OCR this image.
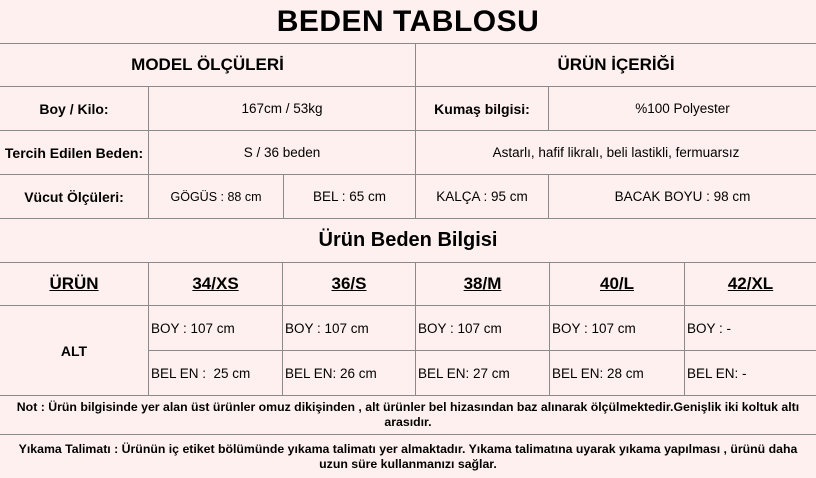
BEDEN TABLOSU
MODEL ÖLÇÜLERİ	ÜRÜN İÇERİĞİ
Boy / Kilo:	167cm / 53kg	Kumaş bilgisi:	%100 Polyester
Tercih Edilen Beden:	S / 36 beden	Astarlı, hafif likralı, beli lastikli, fermuarsız
Vücut Ölçüleri:	GÖGÜS : 88 cm	BEL : 65 cm	KALÇA : 95 cm	BACAK BOYU : 98 cm
Ürün Beden Bilgisi
ÜRÜN	34/XS	36/S	38/M	40/L	42/XL
ALT
BOY : 107 cm	BOY : 107 cm	BOY : 107 cm	BOY : 107 cm	BOY : -
BEL EN :  25 cm	BEL EN: 26 cm	BEL EN: 27 cm	BEL EN: 28 cm	BEL EN: -
Not : Ürün bilgisinde yer alan üst ürünler omuz dikişinden , alt ürünler bel hizasından baz alınarak ölçülmektedir.Genişlik iki koltuk altı arasıdır.
Yıkama Talimatı : Ürünün iç etiket bölümünde yıkama talimatı yer almaktadır. Yıkama talimatına uyarak yıkama yapılması , ürünü daha uzun süre kullanmanızı sağlar.
